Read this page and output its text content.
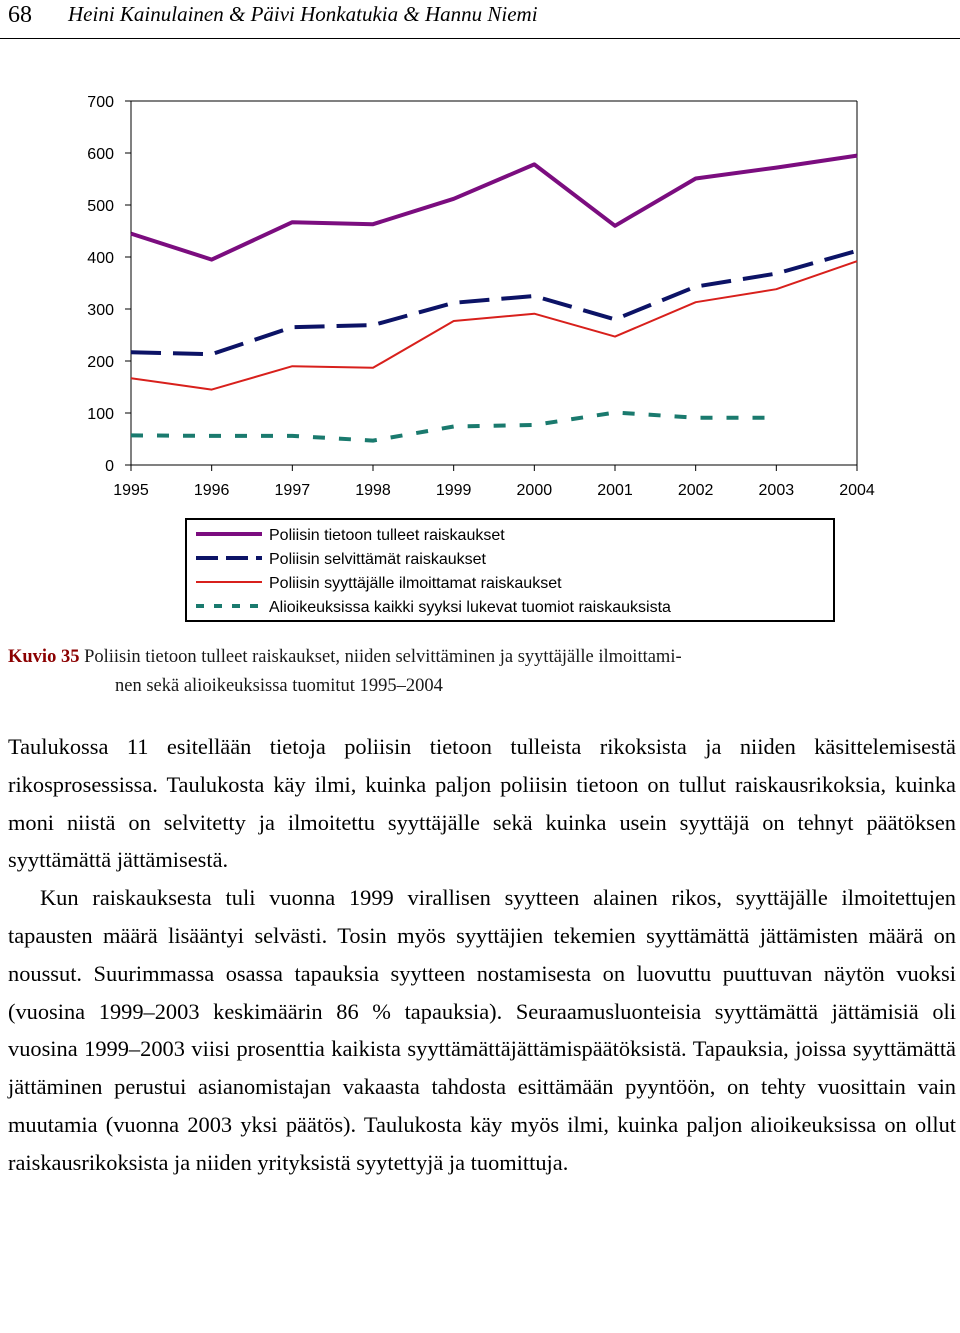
68 Heini Kainulainen & Päivi Honkatukia & Hannu Niemi
0
100
200
300
400
500
600
700
1995	1996	1997	1998	1999	2000	2001	2002	2003	2004
Poliisin tietoon tulleet raiskaukset
Poliisin selvittämät raiskaukset
Poliisin syyttäjälle ilmoittamat raiskaukset
Alioikeuksissa kaikki syyksi lukevat tuomiot raiskauksista
Kuvio 35 Poliisin tietoon tulleet raiskaukset, niiden selvittäminen ja syyttäjälle ilmoittami-
nen sekä alioikeuksissa tuomitut 1995–2004

Taulukossa 11 esitellään tietoja poliisin tietoon tulleista rikoksista ja niiden käsittelemisestä rikosprosessissa. Taulukosta käy ilmi, kuinka paljon poliisin tietoon on tullut raiskausrikoksia, kuinka moni niistä on selvitetty ja ilmoitettu syyttäjälle sekä kuinka usein syyttäjä on tehnyt päätöksen syyttämättä jättämisestä.

Kun raiskauksesta tuli vuonna 1999 virallisen syytteen alainen rikos, syyttäjälle ilmoitettujen tapausten määrä lisääntyi selvästi. Tosin myös syyttäjien tekemien syyttämättä jättämisten määrä on noussut. Suurimmassa osassa tapauksia syytteen nostamisesta on luovuttu puuttuvan näytön vuoksi (vuosina 1999–2003 keskimäärin 86 % tapauksia). Seuraamusluonteisia syyttämättä jättämisiä oli vuosina 1999–2003 viisi prosenttia kaikista syyttämättäjättämispäätöksistä. Tapauksia, joissa syyttämättä jättäminen perustui asianomistajan vakaasta tahdosta esittämään pyyntöön, on tehty vuosittain vain muutamia (vuonna 2003 yksi päätös). Taulukosta käy myös ilmi, kuinka paljon alioikeuksissa on ollut raiskausrikoksista ja niiden yrityksistä syytettyjä ja tuomittuja.
